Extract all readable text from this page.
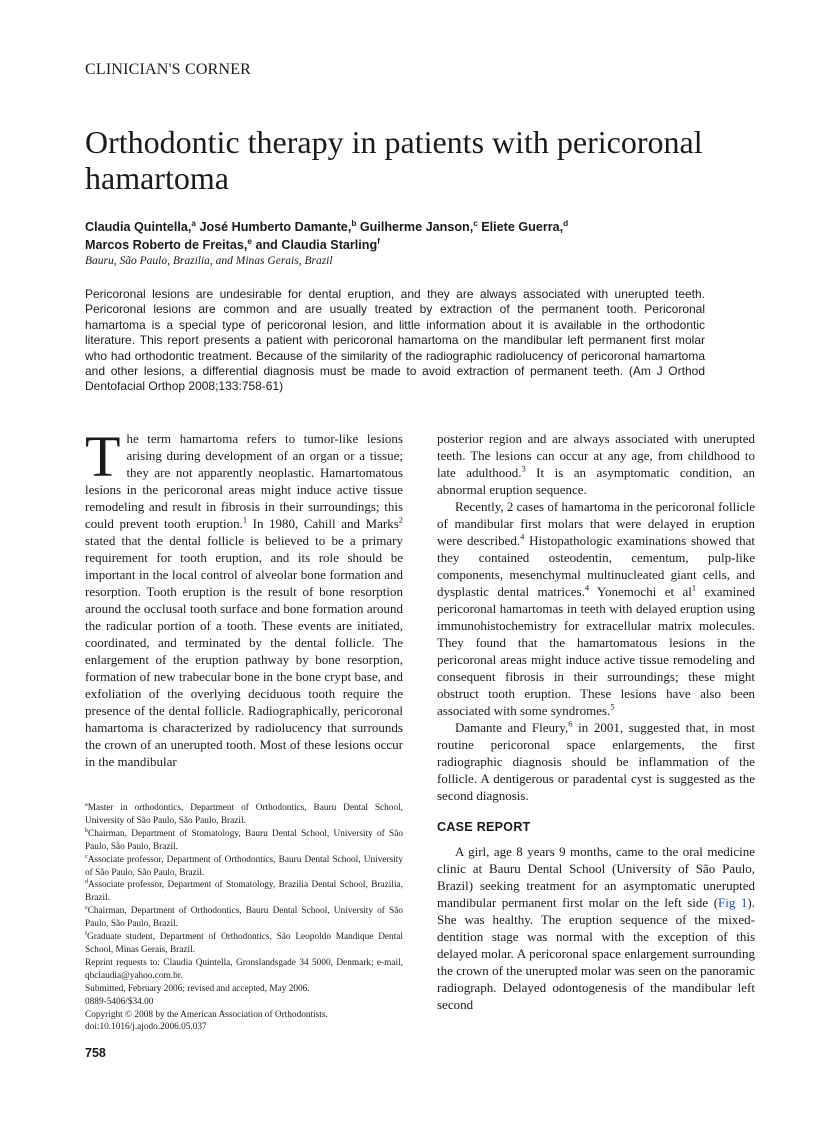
CLINICIAN'S CORNER
Orthodontic therapy in patients with pericoronal hamartoma
Claudia Quintella,$^a$ José Humberto Damante,$^b$ Guilherme Janson,$^c$ Eliete Guerra,$^d$
Marcos Roberto de Freitas,$^e$ and Claudia Starling$^f$
Bauru, São Paulo, Brazilia, and Minas Gerais, Brazil

Pericoronal lesions are undesirable for dental eruption, and they are always associated with unerupted teeth. Pericoronal lesions are common and are usually treated by extraction of the permanent tooth. Pericoronal hamartoma is a special type of pericoronal lesion, and little information about it is available in the orthodontic literature. This report presents a patient with pericoronal hamartoma on the mandibular left permanent first molar who had orthodontic treatment. Because of the similarity of the radiographic radiolucency of pericoronal hamartoma and other lesions, a differential diagnosis must be made to avoid extraction of permanent teeth. (Am J Orthod Dentofacial Orthop 2008;133:758-61)

The term hamartoma refers to tumor-like lesions arising during development of an organ or a tissue; they are not apparently neoplastic. Hamartomatous lesions in the pericoronal areas might induce active tissue remodeling and result in fibrosis in their surroundings; this could prevent tooth eruption.$^1$ In 1980, Cahill and Marks$^2$ stated that the dental follicle is believed to be a primary requirement for tooth eruption, and its role should be important in the local control of alveolar bone formation and resorption. Tooth eruption is the result of bone resorption around the occlusal tooth surface and bone formation around the radicular portion of a tooth. These events are initiated, coordinated, and terminated by the dental follicle. The enlargement of the eruption pathway by bone resorption, formation of new trabecular bone in the bone crypt base, and exfoliation of the overlying deciduous tooth require the presence of the dental follicle. Radiographically, pericoronal hamartoma is characterized by radiolucency that surrounds the crown of an unerupted tooth. Most of these lesions occur in the mandibular

$^a$Master in orthodontics, Department of Orthodontics, Bauru Dental School, University of São Paulo, São Paulo, Brazil.
$^b$Chairman, Department of Stomatology, Bauru Dental School, University of São Paulo, São Paulo, Brazil.
$^c$Associate professor, Department of Orthodontics, Bauru Dental School, University of São Paulo, São Paulo, Brazil.
$^d$Associate professor, Department of Stomatology, Brazilia Dental School, Brazilia, Brazil.
$^e$Chairman, Department of Orthodontics, Bauru Dental School, University of São Paulo, São Paulo, Brazil.
$^f$Graduate student, Department of Orthodontics, São Leopoldo Mandique Dental School, Minas Gerais, Brazil.
Reprint requests to: Claudia Quintella, Gronslandsgade 34 5000, Denmark; e-mail, qbclaudia@yahoo.com.br.
Submitted, February 2006; revised and accepted, May 2006.
0889-5406/$34.00
Copyright © 2008 by the American Association of Orthodontists.
doi:10.1016/j.ajodo.2006.05.037

posterior region and are always associated with unerupted teeth. The lesions can occur at any age, from childhood to late adulthood.$^3$ It is an asymptomatic condition, an abnormal eruption sequence.

Recently, 2 cases of hamartoma in the pericoronal follicle of mandibular first molars that were delayed in eruption were described.$^4$ Histopathologic examinations showed that they contained osteodentin, cementum, pulp-like components, mesenchymal multinucleated giant cells, and dysplastic dental matrices.$^4$ Yonemochi et $al^1$ examined pericoronal hamartomas in teeth with delayed eruption using immunohistochemistry for extracellular matrix molecules. They found that the hamartomatous lesions in the pericoronal areas might induce active tissue remodeling and consequent fibrosis in their surroundings; these might obstruct tooth eruption. These lesions have also been associated with some syndromes.$^5$

Damante and Fleury,$^6$ in 2001, suggested that, in most routine pericoronal space enlargements, the first radiographic diagnosis should be inflammation of the follicle. A dentigerous or paradental cyst is suggested as the second diagnosis.

CASE REPORT

A girl, age 8 years 9 months, came to the oral medicine clinic at Bauru Dental School (University of São Paulo, Brazil) seeking treatment for an asymptomatic unerupted mandibular permanent first molar on the left side (Fig 1). She was healthy. The eruption sequence of the mixed-dentition stage was normal with the exception of this delayed molar. A pericoronal space enlargement surrounding the crown of the unerupted molar was seen on the panoramic radiograph. Delayed odontogenesis of the mandibular left second

758
